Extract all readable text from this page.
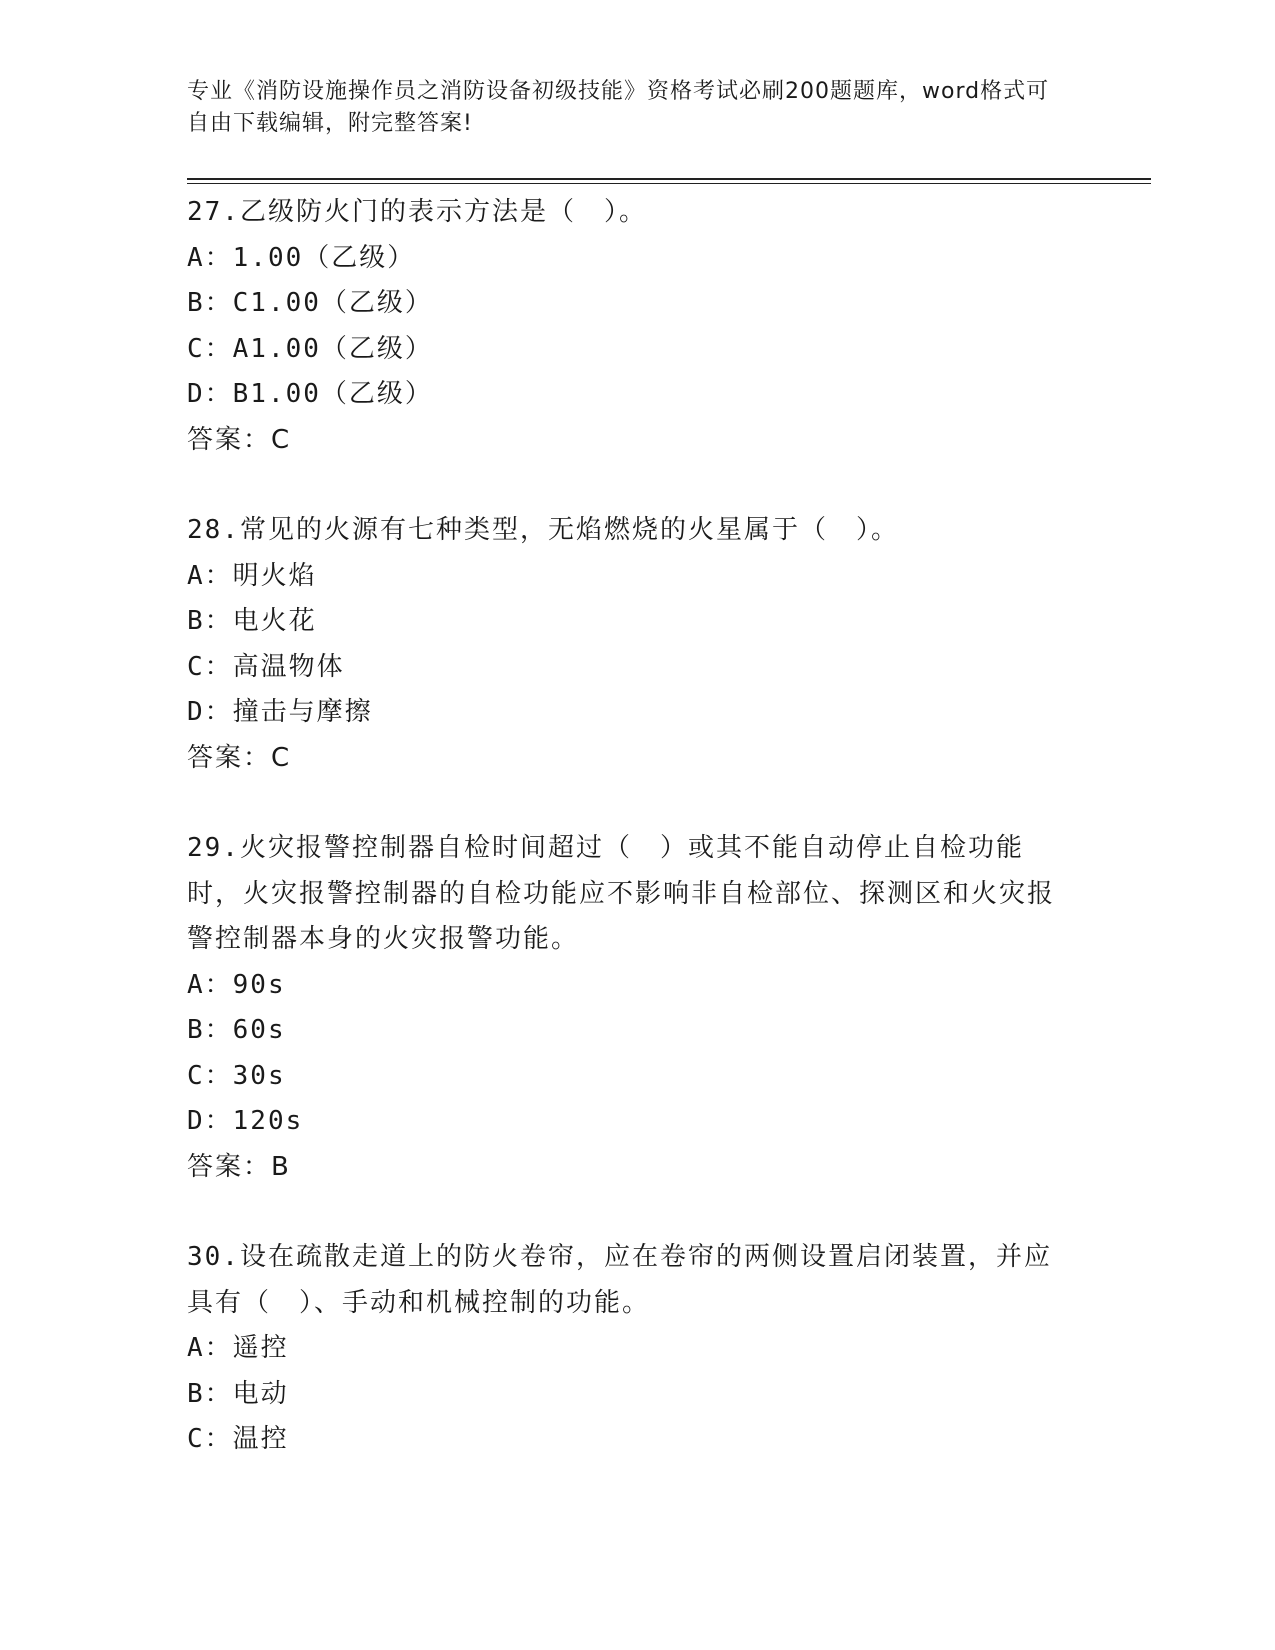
专业《消防设施操作员之消防设备初级技能》资格考试必刷200题题库，word格式可自由下载编辑，附完整答案!
27.乙级防火门的表示方法是（　）。
A：1.00（乙级）
B：C1.00（乙级）
C：A1.00（乙级）
D：B1.00（乙级）
答案：C
28.常见的火源有七种类型，无焰燃烧的火星属于（　）。
A：明火焰
B：电火花
C：高温物体
D：撞击与摩擦
答案：C
29.火灾报警控制器自检时间超过（　）或其不能自动停止自检功能时，火灾报警控制器的自检功能应不影响非自检部位、探测区和火灾报警控制器本身的火灾报警功能。
A：90s
B：60s
C：30s
D：120s
答案：B
30.设在疏散走道上的防火卷帘，应在卷帘的两侧设置启闭装置，并应具有（　）、手动和机械控制的功能。
A：遥控
B：电动
C：温控
